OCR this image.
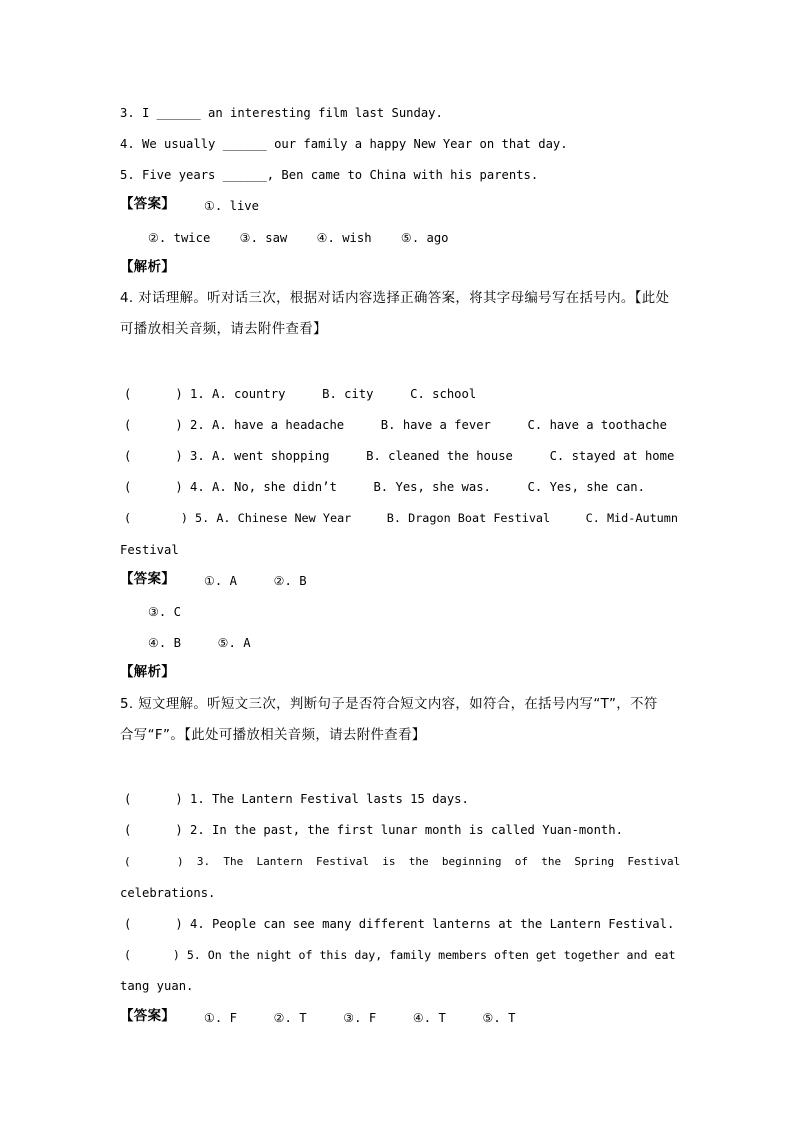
3. I ______ an interesting film last Sunday.
4. We usually ______ our family a happy New Year on that day.
5. Five years ______, Ben came to China with his parents.
【答案】 ①. live
②. twice    ③. saw    ④. wish    ⑤. ago
【解析】
4. 对话理解。听对话三次，根据对话内容选择正确答案，将其字母编号写在括号内。【此处
可播放相关音频，请去附件查看】
(      ) 1. A. country     B. city     C. school
(      ) 2. A. have a headache     B. have a fever     C. have a toothache
(      ) 3. A. went shopping     B. cleaned the house     C. stayed at home
(      ) 4. A. No, she didn’t     B. Yes, she was.     C. Yes, she can.
(       ) 5. A. Chinese New Year     B. Dragon Boat Festival     C. Mid-Autumn
Festival
【答案】 ①. A     ②. B
③. C
④. B     ⑤. A
【解析】
5. 短文理解。听短文三次，判断句子是否符合短文内容，如符合，在括号内写“T”，不符
合写“F”。【此处可播放相关音频，请去附件查看】
(      ) 1. The Lantern Festival lasts 15 days.
(      ) 2. In the past, the first lunar month is called Yuan-month.
(       )  3.  The  Lantern  Festival  is  the  beginning  of  the  Spring  Festival
celebrations.
(      ) 4. People can see many different lanterns at the Lantern Festival.
(      ) 5. On the night of this day, family members often get together and eat
tang yuan.
【答案】 ①. F     ②. T     ③. F     ④. T     ⑤. T
